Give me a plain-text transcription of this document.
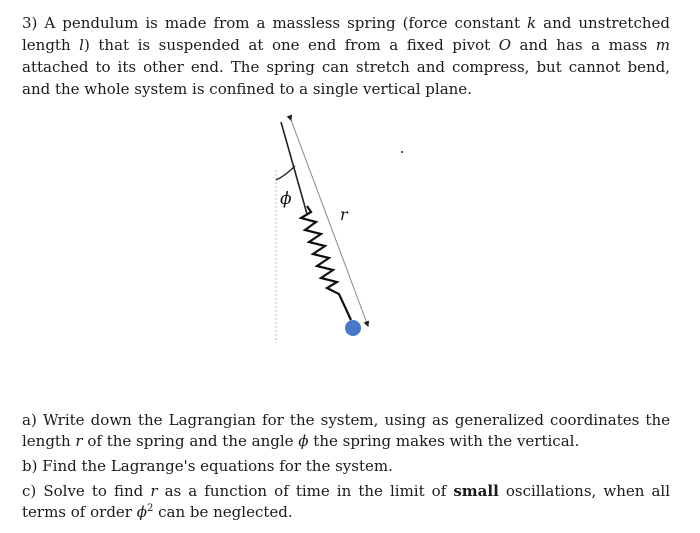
3) A pendulum is made from a massless spring (force constant k and unstretched length l) that is suspended at one end from a fixed pivot O and has a mass m attached to its other end. The spring can stretch and compress, but cannot bend, and the whole system is confined to a single vertical plane.
ϕ
r
a) Write down the Lagrangian for the system, using as generalized coordinates the length r of the spring and the angle ϕ the spring makes with the vertical.
b) Find the Lagrange's equations for the system.
c) Solve to find r as a function of time in the limit of small oscillations, when all terms of order $\phi^2$ can be neglected.
